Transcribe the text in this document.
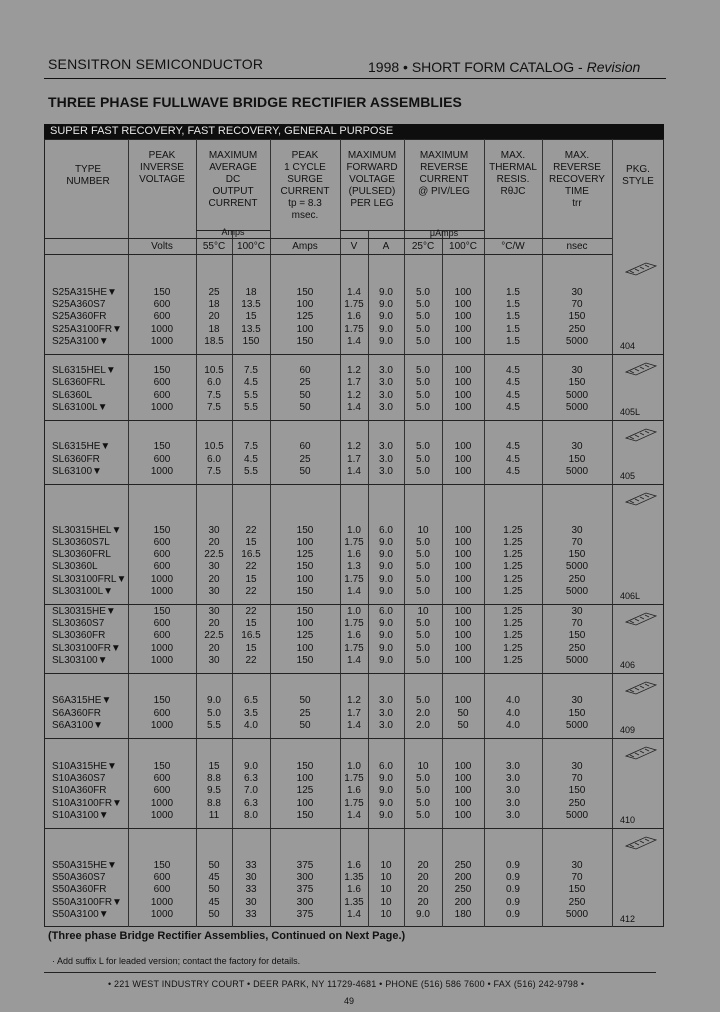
SENSITRON SEMICONDUCTOR	1998 • SHORT FORM CATALOG - Revision
THREE PHASE FULLWAVE BRIDGE RECTIFIER ASSEMBLIES
SUPER FAST RECOVERY, FAST RECOVERY, GENERAL PURPOSE
TYPE
NUMBER
PEAK
INVERSE
VOLTAGE
MAXIMUM
AVERAGE
DC
OUTPUT
CURRENT
PEAK
1 CYCLE
SURGE
CURRENT
tp = 8.3
msec.
MAXIMUM
FORWARD
VOLTAGE
(PULSED)
PER LEG
MAXIMUM
REVERSE
CURRENT
@ PIV/LEG
MAX.
THERMAL
RESIS.
RθJC
MAX.
REVERSE
RECOVERY
TIME
trr
PKG.
STYLE
Amps	μAmps
Volts	55°C	100°C	Amps	V	A	25°C	100°C	°C/W	nsec
S25A315HE▼	150	25	18	150	1.4	9.0	5.0	100	1.5	30
S25A360S7	600	18	13.5	100	1.75	9.0	5.0	100	1.5	70
S25A360FR	600	20	15	125	1.6	9.0	5.0	100	1.5	150
S25A3100FR▼	1000	18	13.5	100	1.75	9.0	5.0	100	1.5	250
S25A3100▼	1000	18.5	150	150	1.4	9.0	5.0	100	1.5	5000	404
SL6315HEL▼	150	10.5	7.5	60	1.2	3.0	5.0	100	4.5	30
SL6360FRL	600	6.0	4.5	25	1.7	3.0	5.0	100	4.5	150
SL6360L	600	7.5	5.5	50	1.2	3.0	5.0	100	4.5	5000
SL63100L▼	1000	7.5	5.5	50	1.4	3.0	5.0	100	4.5	5000	405L
SL6315HE▼	150	10.5	7.5	60	1.2	3.0	5.0	100	4.5	30
SL6360FR	600	6.0	4.5	25	1.7	3.0	5.0	100	4.5	150
SL63100▼	1000	7.5	5.5	50	1.4	3.0	5.0	100	4.5	5000	405
SL30315HEL▼	150	30	22	150	1.0	6.0	10	100	1.25	30
SL30360S7L	600	20	15	100	1.75	9.0	5.0	100	1.25	70
SL30360FRL	600	22.5	16.5	125	1.6	9.0	5.0	100	1.25	150
SL30360L	600	30	22	150	1.3	9.0	5.0	100	1.25	5000
SL303100FRL▼	1000	20	15	100	1.75	9.0	5.0	100	1.25	250
SL303100L▼	1000	30	22	150	1.4	9.0	5.0	100	1.25	5000	406L
SL30315HE▼	150	30	22	150	1.0	6.0	10	100	1.25	30
SL30360S7	600	20	15	100	1.75	9.0	5.0	100	1.25	70
SL30360FR	600	22.5	16.5	125	1.6	9.0	5.0	100	1.25	150
SL303100FR▼	1000	20	15	100	1.75	9.0	5.0	100	1.25	250
SL303100▼	1000	30	22	150	1.4	9.0	5.0	100	1.25	5000	406
S6A315HE▼	150	9.0	6.5	50	1.2	3.0	5.0	100	4.0	30
S6A360FR	600	5.0	3.5	25	1.7	3.0	2.0	50	4.0	150
S6A3100▼	1000	5.5	4.0	50	1.4	3.0	2.0	50	4.0	5000	409
S10A315HE▼	150	15	9.0	150	1.0	6.0	10	100	3.0	30
S10A360S7	600	8.8	6.3	100	1.75	9.0	5.0	100	3.0	70
S10A360FR	600	9.5	7.0	125	1.6	9.0	5.0	100	3.0	150
S10A3100FR▼	1000	8.8	6.3	100	1.75	9.0	5.0	100	3.0	250
S10A3100▼	1000	11	8.0	150	1.4	9.0	5.0	100	3.0	5000	410
S50A315HE▼	150	50	33	375	1.6	10	20	250	0.9	30
S50A360S7	600	45	30	300	1.35	10	20	200	0.9	70
S50A360FR	600	50	33	375	1.6	10	20	250	0.9	150
S50A3100FR▼	1000	45	30	300	1.35	10	20	200	0.9	250
S50A3100▼	1000	50	33	375	1.4	10	9.0	180	0.9	5000	412
(Three phase Bridge Rectifier Assemblies, Continued on Next Page.)
· Add suffix L for leaded version; contact the factory for details.
• 221 WEST INDUSTRY COURT • DEER PARK, NY 11729-4681 • PHONE (516) 586 7600 • FAX (516) 242-9798 •
49
